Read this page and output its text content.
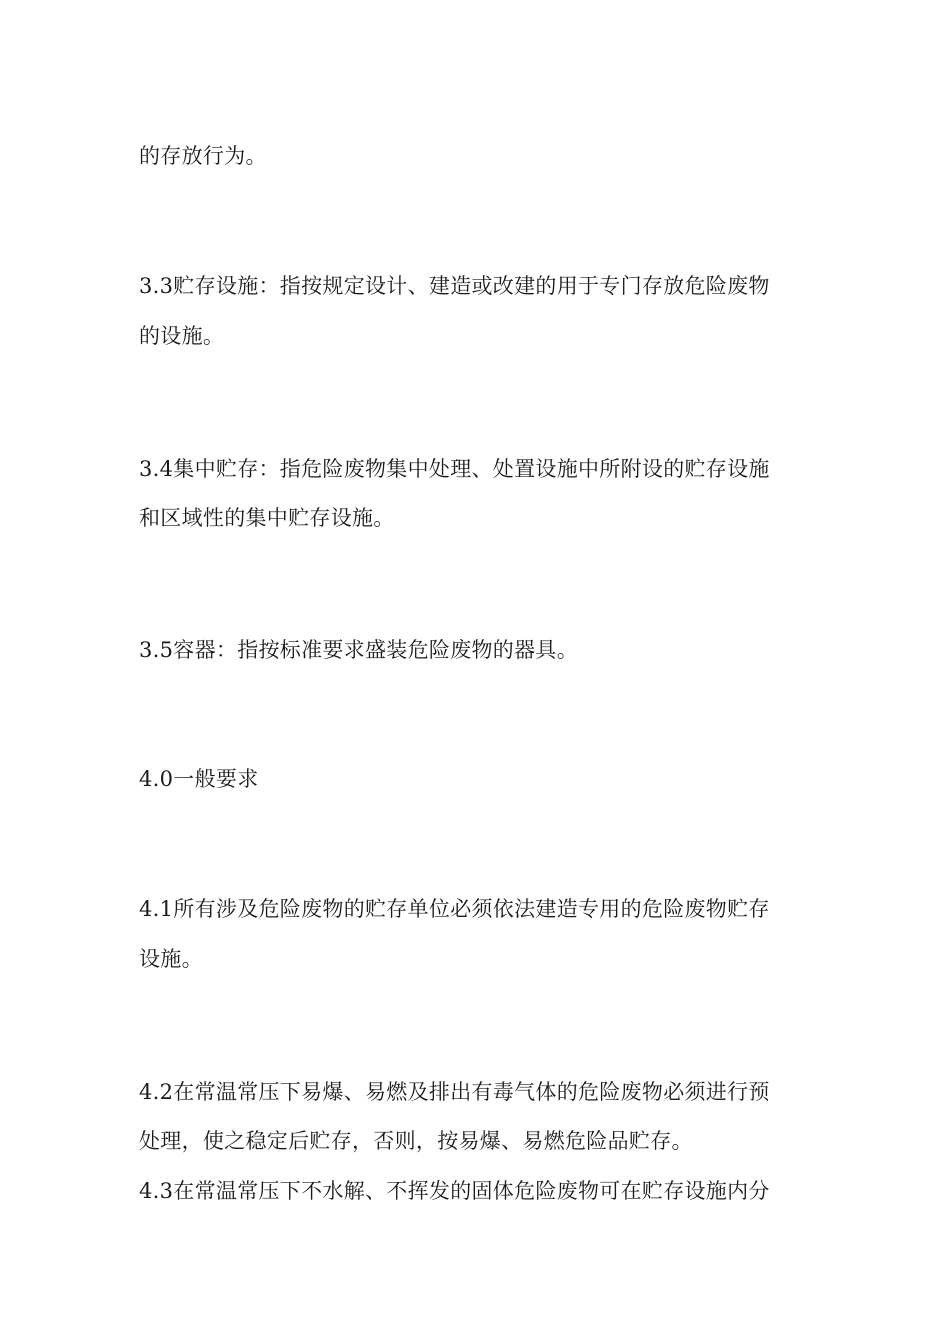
的存放行为。
3.3贮存设施：指按规定设计、建造或改建的用于专门存放危险废物
的设施。
3.4集中贮存：指危险废物集中处理、处置设施中所附设的贮存设施
和区域性的集中贮存设施。
3.5容器：指按标准要求盛装危险废物的器具。
4.0一般要求
4.1所有涉及危险废物的贮存单位必须依法建造专用的危险废物贮存
设施。
4.2在常温常压下易爆、易燃及排出有毒气体的危险废物必须进行预
处理，使之稳定后贮存，否则，按易爆、易燃危险品贮存。
4.3在常温常压下不水解、不挥发的固体危险废物可在贮存设施内分
